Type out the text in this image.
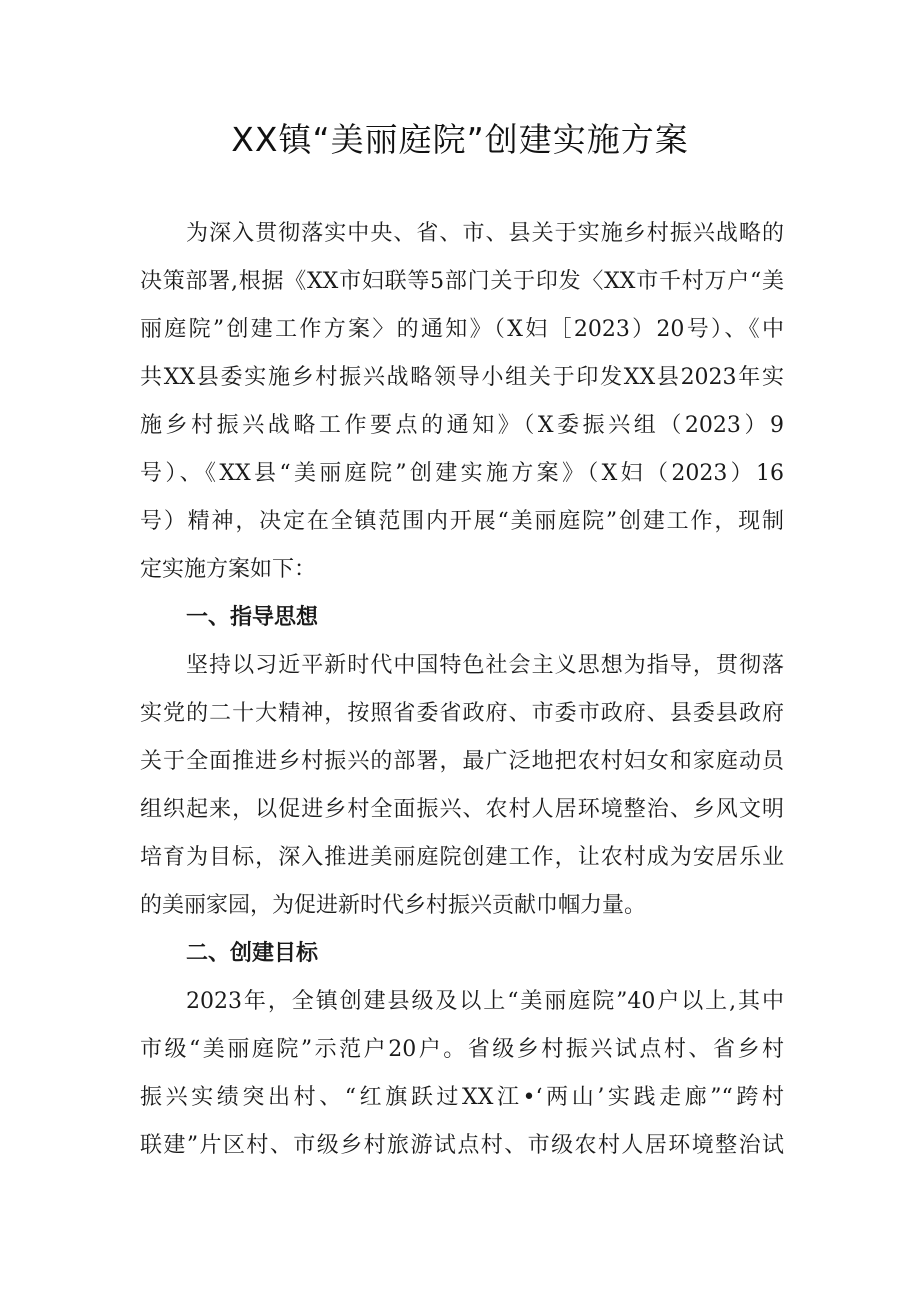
XX镇“美丽庭院”创建实施方案
为深入贯彻落实中央、省、市、县关于实施乡村振兴战略的
决策部署,根据《XX市妇联等5部门关于印发〈XX市千村万户“美
丽庭院”创建工作方案〉的通知》（X妇［2023）20号）、《中
共XX县委实施乡村振兴战略领导小组关于印发XX县2023年实
施乡村振兴战略工作要点的通知》（X委振兴组（2023）9
号）、《XX县“美丽庭院”创建实施方案》（X妇（2023）16
号）精神，决定在全镇范围内开展“美丽庭院”创建工作，现制
定实施方案如下：
一、指导思想
坚持以习近平新时代中国特色社会主义思想为指导，贯彻落
实党的二十大精神，按照省委省政府、市委市政府、县委县政府
关于全面推进乡村振兴的部署，最广泛地把农村妇女和家庭动员
组织起来，以促进乡村全面振兴、农村人居环境整治、乡风文明
培育为目标，深入推进美丽庭院创建工作，让农村成为安居乐业
的美丽家园，为促进新时代乡村振兴贡献巾帼力量。
二、创建目标
2023年，全镇创建县级及以上“美丽庭院”40户以上,其中
市级“美丽庭院”示范户20户。省级乡村振兴试点村、省乡村
振兴实绩突出村、“红旗跃过XX江•‘两山’实践走廊”“跨村
联建”片区村、市级乡村旅游试点村、市级农村人居环境整治试
